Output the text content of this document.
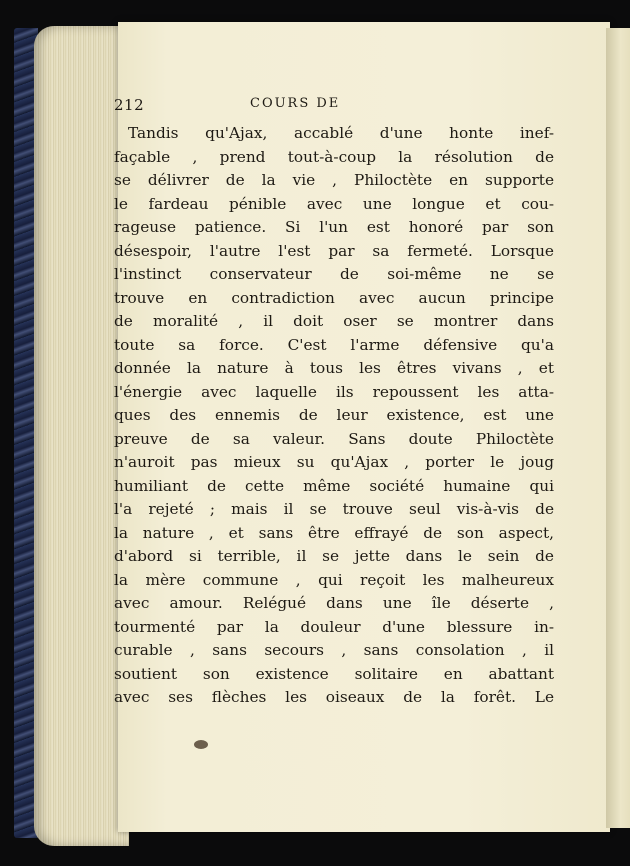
212	COURS DE
Tandis qu'Ajax, accablé d'une honte inef-
façable , prend tout-à-coup la résolution de
se délivrer de la vie , Philoctète en supporte
le fardeau pénible avec une longue et cou-
rageuse patience. Si l'un est honoré par son
désespoir, l'autre l'est par sa fermeté. Lorsque
l'instinct conservateur de soi-même ne se
trouve en contradiction avec aucun principe
de moralité , il doit oser se montrer dans
toute sa force. C'est l'arme défensive qu'a
donnée la nature à tous les êtres vivans , et
l'énergie avec laquelle ils repoussent les atta-
ques des ennemis de leur existence, est une
preuve de sa valeur. Sans doute Philoctète
n'auroit pas mieux su qu'Ajax , porter le joug
humiliant de cette même société humaine qui
l'a rejeté ; mais il se trouve seul vis-à-vis de
la nature , et sans être effrayé de son aspect,
d'abord si terrible, il se jette dans le sein de
la mère commune , qui reçoit les malheureux
avec amour. Relégué dans une île déserte ,
tourmenté par la douleur d'une blessure in-
curable , sans secours , sans consolation , il
soutient son existence solitaire en abattant
avec ses flèches les oiseaux de la forêt. Le
